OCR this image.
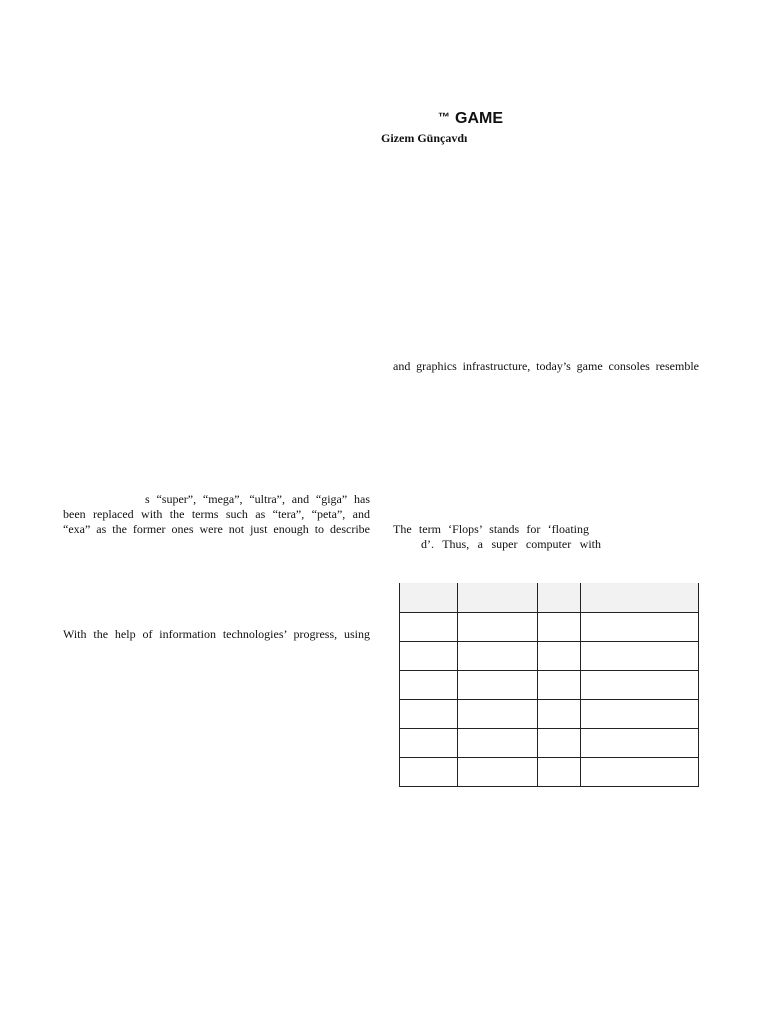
™ GAME
Gizem Günçavdı
s “super”, “mega”, “ultra”, and “giga” has
been replaced with the terms such as “tera”, “peta”, and
“exa” as the former ones were not just enough to describe
With the help of information technologies’ progress, using
and graphics infrastructure, today’s game consoles resemble
The term ‘Flops’ stands for ‘floating
d’. Thus, a super computer with
